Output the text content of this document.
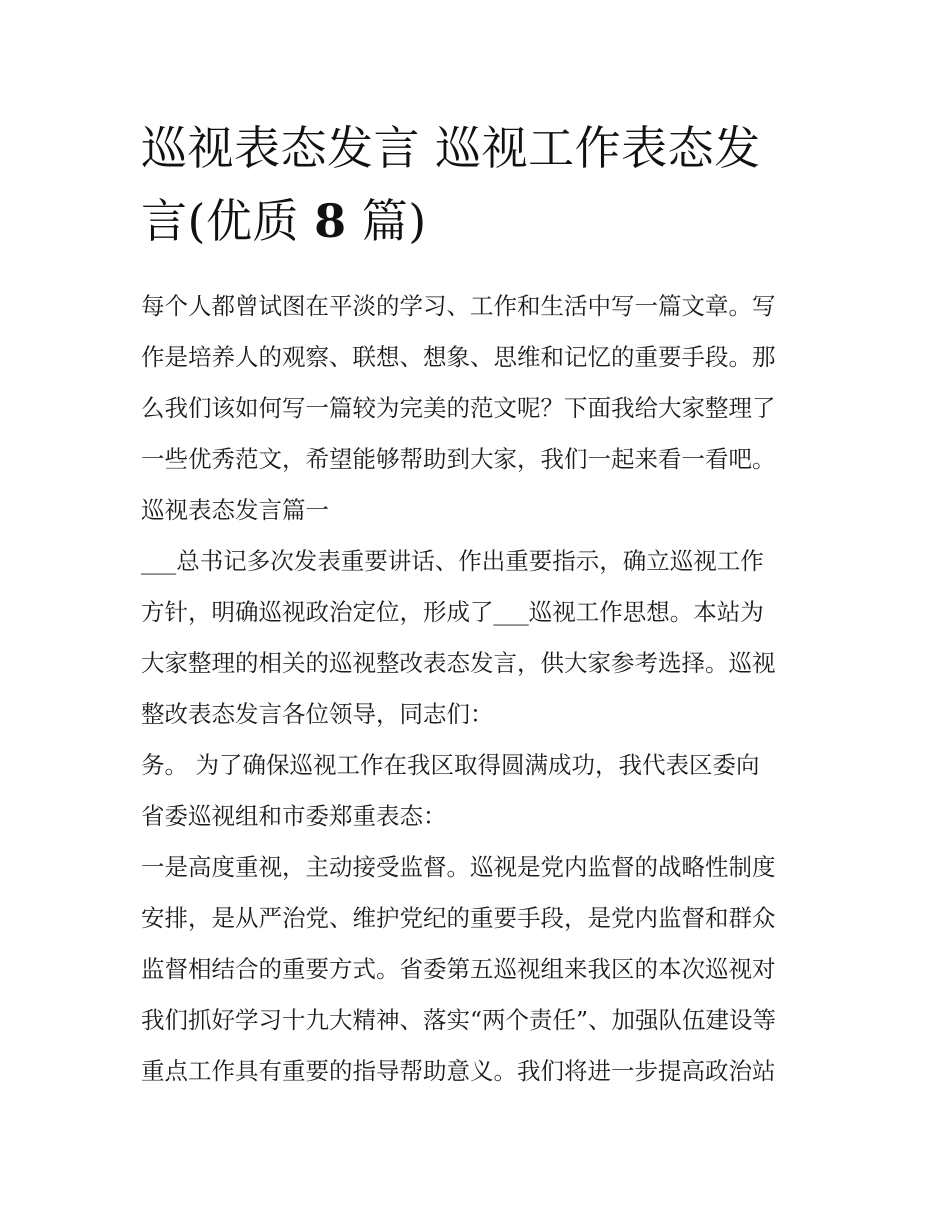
巡视表态发言 巡视工作表态发
言(优质 8 篇)
每个人都曾试图在平淡的学习、工作和生活中写一篇文章。写
作是培养人的观察、联想、想象、思维和记忆的重要手段。那
么我们该如何写一篇较为完美的范文呢？下面我给大家整理了
一些优秀范文，希望能够帮助到大家，我们一起来看一看吧。
巡视表态发言篇一
___总书记多次发表重要讲话、作出重要指示，确立巡视工作
方针，明确巡视政治定位，形成了___巡视工作思想。本站为
大家整理的相关的巡视整改表态发言，供大家参考选择。巡视
整改表态发言各位领导，同志们：
务。 为了确保巡视工作在我区取得圆满成功，我代表区委向
省委巡视组和市委郑重表态：
一是高度重视，主动接受监督。巡视是党内监督的战略性制度
安排，是从严治党、维护党纪的重要手段，是党内监督和群众
监督相结合的重要方式。省委第五巡视组来我区的本次巡视对
我们抓好学习十九大精神、落实“两个责任”、加强队伍建设等
重点工作具有重要的指导帮助意义。我们将进一步提高政治站
